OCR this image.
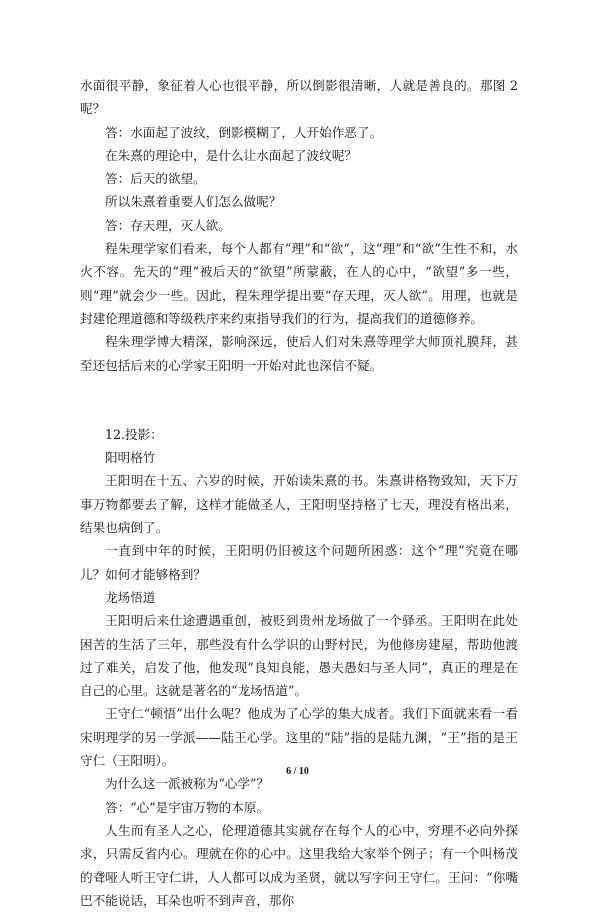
水面很平静，象征着人心也很平静，所以倒影很清晰，人就是善良的。那图 2 呢？

答：水面起了波纹，倒影模糊了，人开始作恶了。

在朱熹的理论中，是什么让水面起了波纹呢？

答：后天的欲望。

所以朱熹着重要人们怎么做呢？

答：存天理，灭人欲。

程朱理学家们看来，每个人都有“理”和“欲”，这“理”和“欲”生性不和，水火不容。先天的“理”被后天的“欲望”所蒙蔽，在人的心中，“欲望”多一些，则“理”就会少一些。因此，程朱理学提出要“存天理，灭人欲”。用理，也就是封建伦理道德和等级秩序来约束指导我们的行为，提高我们的道德修养。

程朱理学博大精深，影响深远，使后人们对朱熹等理学大师顶礼膜拜，甚至还包括后来的心学家王阳明一开始对此也深信不疑。

12.投影：

阳明格竹

王阳明在十五、六岁的时候，开始读朱熹的书。朱熹讲格物致知，天下万事万物都要去了解，这样才能做圣人，王阳明坚持格了七天，理没有格出来，结果也病倒了。

一直到中年的时候，王阳明仍旧被这个问题所困惑：这个“理”究竟在哪儿？如何才能够格到？

龙场悟道

王阳明后来仕途遭遇重创，被贬到贵州龙场做了一个驿丞。王阳明在此处困苦的生活了三年，那些没有什么学识的山野村民，为他修房建屋，帮助他渡过了难关，启发了他，他发现“良知良能，愚夫愚妇与圣人同”，真正的理是在自己的心里。这就是著名的“龙场悟道”。

王守仁“顿悟”出什么呢？他成为了心学的集大成者。我们下面就来看一看宋明理学的另一学派——陆王心学。这里的“陆”指的是陆九渊，“王”指的是王守仁（王阳明）。

为什么这一派被称为“心学”？

答：“心”是宇宙万物的本原。

人生而有圣人之心，伦理道德其实就存在每个人的心中，穷理不必向外探求，只需反省内心。理就在你的心中。这里我给大家举个例子；有一个叫杨茂的聋哑人听王守仁讲，人人都可以成为圣贤，就以写字问王守仁。王问：“你嘴巴不能说话，耳朵也听不到声音，那你

6 / 10
